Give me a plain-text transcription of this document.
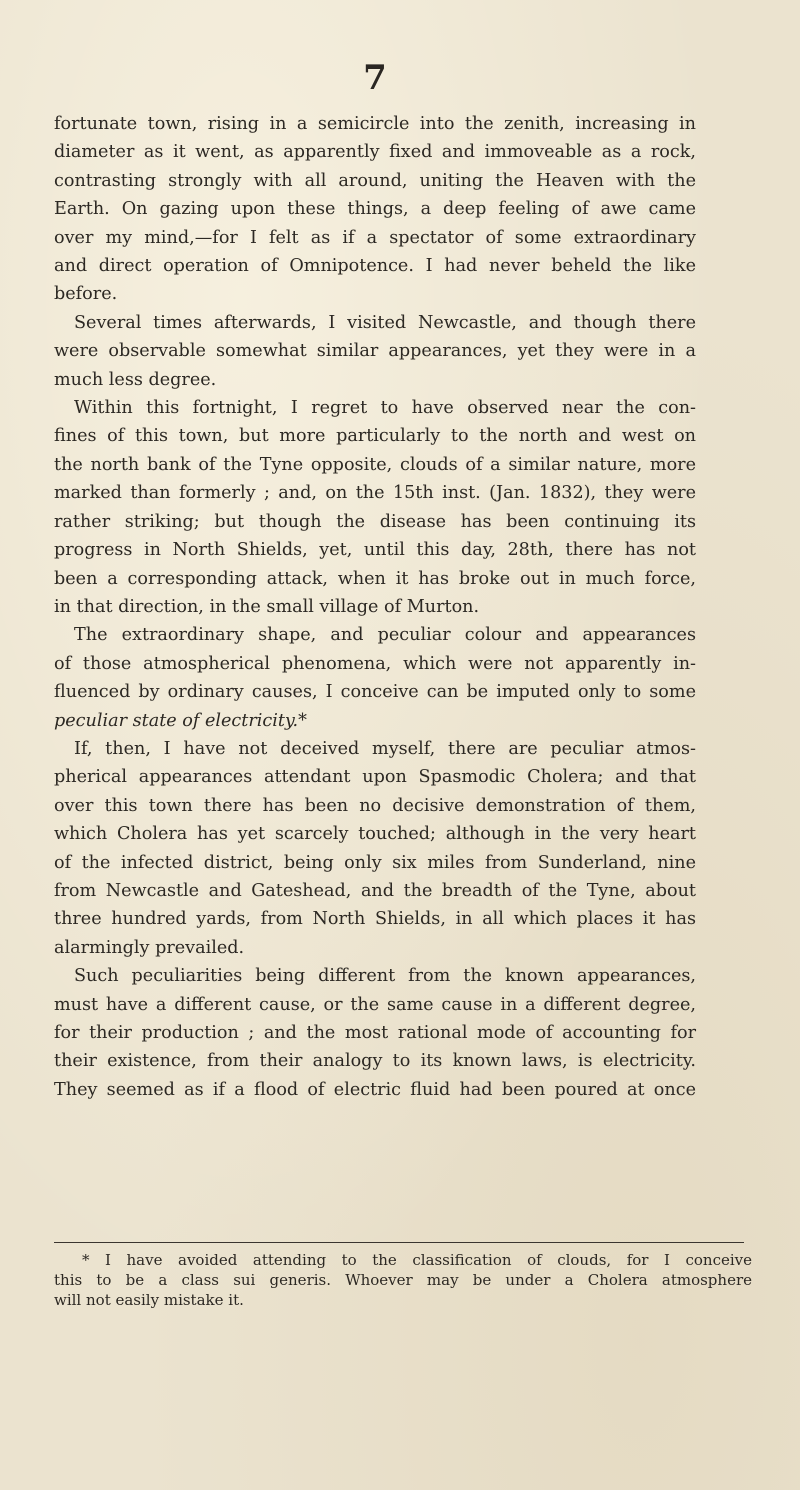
7
fortunate town, rising in a semicircle into the zenith, increasing in
diameter as it went, as apparently fixed and immoveable as a rock,
contrasting strongly with all around, uniting the Heaven with the
Earth. On gazing upon these things, a deep feeling of awe came
over my mind,—for I felt as if a spectator of some extraordinary
and direct operation of Omnipotence. I had never beheld the like
before.
Several times afterwards, I visited Newcastle, and though there
were observable somewhat similar appearances, yet they were in a
much less degree.
Within this fortnight, I regret to have observed near the con-
fines of this town, but more particularly to the north and west on
the north bank of the Tyne opposite, clouds of a similar nature, more
marked than formerly ; and, on the 15th inst. (Jan. 1832), they were
rather striking; but though the disease has been continuing its
progress in North Shields, yet, until this day, 28th, there has not
been a corresponding attack, when it has broke out in much force,
in that direction, in the small village of Murton.
The extraordinary shape, and peculiar colour and appearances
of those atmospherical phenomena, which were not apparently in-
fluenced by ordinary causes, I conceive can be imputed only to some
peculiar state of electricity.*
If, then, I have not deceived myself, there are peculiar atmos-
pherical appearances attendant upon Spasmodic Cholera; and that
over this town there has been no decisive demonstration of them,
which Cholera has yet scarcely touched; although in the very heart
of the infected district, being only six miles from Sunderland, nine
from Newcastle and Gateshead, and the breadth of the Tyne, about
three hundred yards, from North Shields, in all which places it has
alarmingly prevailed.
Such peculiarities being different from the known appearances,
must have a different cause, or the same cause in a different degree,
for their production ; and the most rational mode of accounting for
their existence, from their analogy to its known laws, is electricity.
They seemed as if a flood of electric fluid had been poured at once
* I have avoided attending to the classification of clouds, for I conceive
this to be a class sui generis. Whoever may be under a Cholera atmosphere
will not easily mistake it.
